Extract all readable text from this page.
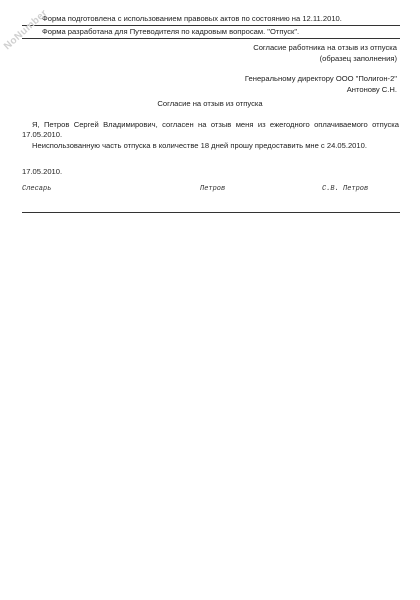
Форма подготовлена с использованием правовых актов по состоянию на 12.11.2010.
Форма разработана для Путеводителя по кадровым вопросам. "Отпуск".
NoNumber	Согласие работника на отзыв из отпуска
(образец заполнения)
Генеральному директору ООО "Полигон-2"
Антонову С.Н.
Согласие на отзыв из отпуска
Я, Петров Сергей Владимирович, согласен на отзыв меня из ежегодного оплачиваемого отпуска 17.05.2010.
Неиспользованную часть отпуска в количестве 18 дней прошу предоставить мне с 24.05.2010.
17.05.2010.
Слесарь	Петров	С.В. Петров
